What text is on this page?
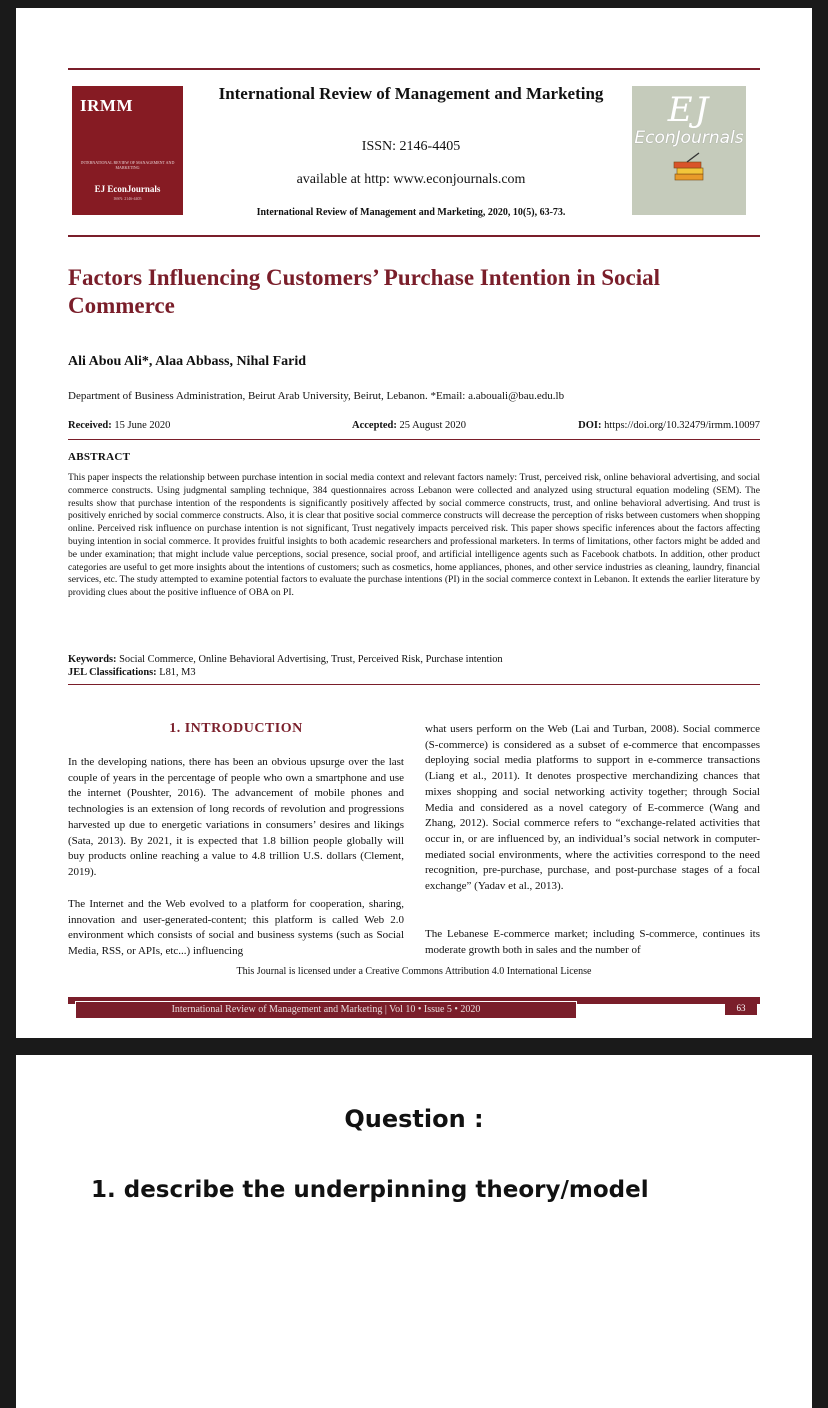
IRMM
INTERNATIONAL REVIEW OF MANAGEMENT AND MARKETING
EJ EconJournals
ISSN: 2146-4405
International Review of Management and Marketing
ISSN: 2146-4405
available at http: www.econjournals.com
International Review of Management and Marketing, 2020, 10(5), 63-73.
EJ
EconJournals
Factors Influencing Customers’ Purchase Intention in Social Commerce
Ali Abou Ali*, Alaa Abbass, Nihal Farid
Department of Business Administration, Beirut Arab University, Beirut, Lebanon. *Email: a.abouali@bau.edu.lb
Received: 15 June 2020	Accepted: 25 August 2020	DOI: https://doi.org/10.32479/irmm.10097
ABSTRACT
This paper inspects the relationship between purchase intention in social media context and relevant factors namely: Trust, perceived risk, online behavioral advertising, and social commerce constructs. Using judgmental sampling technique, 384 questionnaires across Lebanon were collected and analyzed using structural equation modeling (SEM). The results show that purchase intention of the respondents is significantly positively affected by social commerce constructs, trust, and online behavioral advertising. And trust is positively enriched by social commerce constructs. Also, it is clear that positive social commerce constructs will decrease the perception of risks between customers when shopping online. Perceived risk influence on purchase intention is not significant, Trust negatively impacts perceived risk. This paper shows specific inferences about the factors affecting buying intention in social commerce. It provides fruitful insights to both academic researchers and professional marketers. In terms of limitations, other factors might be added and be under examination; that might include value perceptions, social presence, social proof, and artificial intelligence agents such as Facebook chatbots. In addition, other product categories are useful to get more insights about the intentions of customers; such as cosmetics, home appliances, phones, and other service industries as cleaning, laundry, financial services, etc. The study attempted to examine potential factors to evaluate the purchase intentions (PI) in the social commerce context in Lebanon. It extends the earlier literature by providing clues about the positive influence of OBA on PI.
Keywords: Social Commerce, Online Behavioral Advertising, Trust, Perceived Risk, Purchase intention
JEL Classifications: L81, M3
1. INTRODUCTION
In the developing nations, there has been an obvious upsurge over the last couple of years in the percentage of people who own a smartphone and use the internet (Poushter, 2016). The advancement of mobile phones and technologies is an extension of long records of revolution and progressions harvested up due to energetic variations in consumers’ desires and likings (Sata, 2013). By 2021, it is expected that 1.8 billion people globally will buy products online reaching a value to 4.8 trillion U.S. dollars (Clement, 2019).
The Internet and the Web evolved to a platform for cooperation, sharing, innovation and user-generated-content; this platform is called Web 2.0 environment which consists of social and business systems (such as Social Media, RSS, or APIs, etc...) influencing
what users perform on the Web (Lai and Turban, 2008). Social commerce (S-commerce) is considered as a subset of e-commerce that encompasses deploying social media platforms to support in e-commerce transactions (Liang et al., 2011). It denotes prospective merchandizing chances that mixes shopping and social networking activity together; through Social Media and considered as a novel category of E-commerce (Wang and Zhang, 2012). Social commerce refers to “exchange-related activities that occur in, or are influenced by, an individual’s social network in computer-mediated social environments, where the activities correspond to the need recognition, pre-purchase, purchase, and post-purchase stages of a focal exchange” (Yadav et al., 2013).
The Lebanese E-commerce market; including S-commerce, continues its moderate growth both in sales and the number of
This Journal is licensed under a Creative Commons Attribution 4.0 International License
International Review of Management and Marketing | Vol 10 • Issue 5 • 2020	63
Question :
1. describe the underpinning theory/model
